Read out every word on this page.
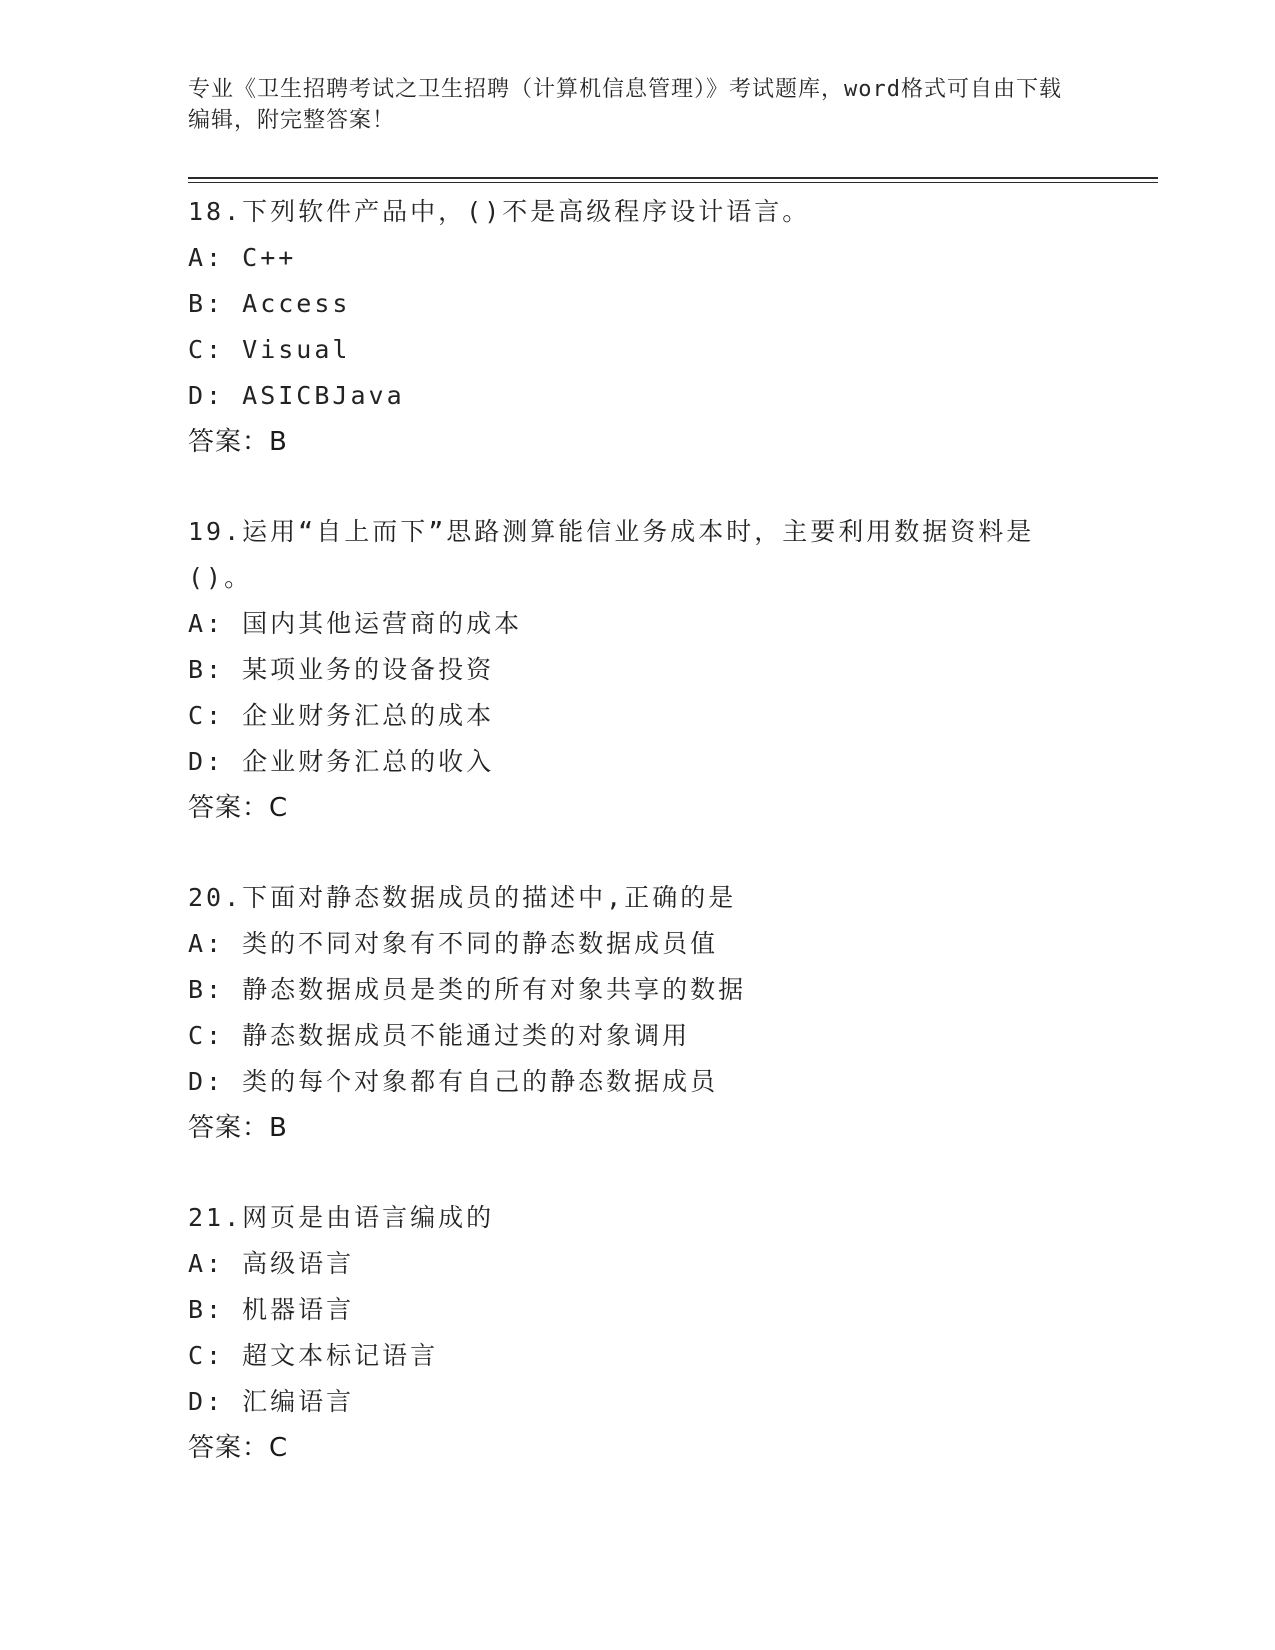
专业《卫生招聘考试之卫生招聘（计算机信息管理）》考试题库，word格式可自由下载编辑，附完整答案！
18.下列软件产品中，()不是高级程序设计语言。
A: C++
B: Access
C: Visual
D: ASICBJava
答案：B
19.运用“自上而下”思路测算能信业务成本时，主要利用数据资料是()。
A: 国内其他运营商的成本
B: 某项业务的设备投资
C: 企业财务汇总的成本
D: 企业财务汇总的收入
答案：C
20.下面对静态数据成员的描述中,正确的是
A: 类的不同对象有不同的静态数据成员值
B: 静态数据成员是类的所有对象共享的数据
C: 静态数据成员不能通过类的对象调用
D: 类的每个对象都有自己的静态数据成员
答案：B
21.网页是由语言编成的
A: 高级语言
B: 机器语言
C: 超文本标记语言
D: 汇编语言
答案：C
